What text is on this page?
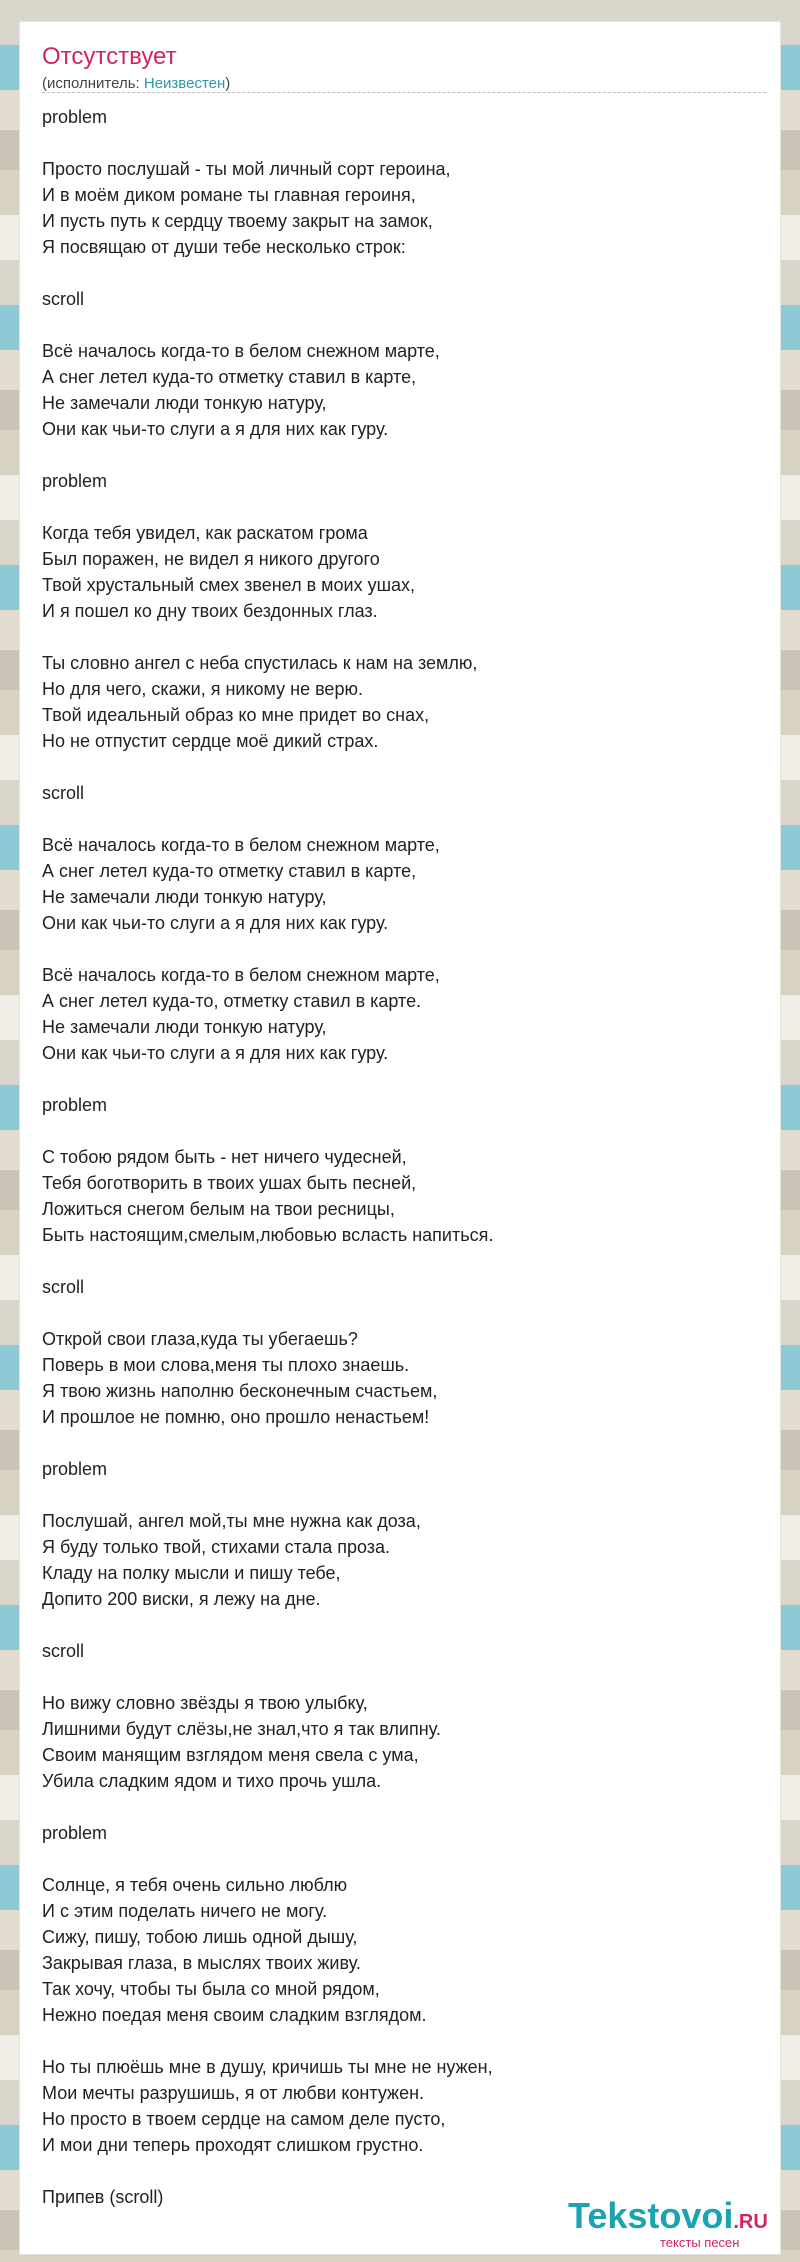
Отсутствует
(исполнитель: Неизвестен)
problem
Просто послушай - ты мой личный сорт героина,
И в моём диком романе ты главная героиня,
И пусть путь к сердцу твоему закрыт на замок,
Я посвящаю от души тебе несколько строк:
scroll
Всё началось когда-то в белом снежном марте,
А снег летел куда-то отметку ставил в карте,
Не замечали люди тонкую натуру,
Они как чьи-то слуги а я для них как гуру.
problem
Когда тебя увидел, как раскатом грома
Был поражен, не видел я никого другого
Твой хрустальный смех звенел в моих ушах,
И я пошел ко дну твоих бездонных глаз.
Ты словно ангел с неба спустилась к нам на землю,
Но для чего, скажи, я никому не верю.
Твой идеальный образ ко мне придет во снах,
Но не отпустит сердце моё дикий страх.
scroll
Всё началось когда-то в белом снежном марте,
А снег летел куда-то отметку ставил в карте,
Не замечали люди тонкую натуру,
Они как чьи-то слуги а я для них как гуру.
Всё началось когда-то в белом снежном марте,
А снег летел куда-то, отметку ставил в карте.
Не замечали люди тонкую натуру,
Они как чьи-то слуги а я для них как гуру.
problem
С тобою рядом быть - нет ничего чудесней,
Тебя боготворить в твоих ушах быть песней,
Ложиться снегом белым на твои ресницы,
Быть настоящим,смелым,любовью всласть напиться.
scroll
Открой свои глаза,куда ты убегаешь?
Поверь в мои слова,меня ты плохо знаешь.
Я твою жизнь наполню бесконечным счастьем,
И прошлое не помню, оно прошло ненастьем!
problem
Послушай, ангел мой,ты мне нужна как доза,
Я буду только твой, стихами стала проза.
Кладу на полку мысли и пишу тебе,
Допито 200 виски, я лежу на дне.
scroll
Но вижу словно звёзды я твою улыбку,
Лишними будут слёзы,не знал,что я так влипну.
Своим манящим взглядом меня свела с ума,
Убила сладким ядом и тихо прочь ушла.
problem
Солнце, я тебя очень сильно люблю
И с этим поделать ничего не могу.
Сижу, пишу, тобою лишь одной дышу,
Закрывая глаза, в мыслях твоих живу.
Так хочу, чтобы ты была со мной рядом,
Нежно поедая меня своим сладким взглядом.
Но ты плюёшь мне в душу, кричишь ты мне не нужен,
Мои мечты разрушишь, я от любви контужен.
Но просто в твоем сердце на самом деле пусто,
И мои дни теперь проходят слишком грустно.
Припев (scroll)	Tekstovoi.RU
тексты песен
